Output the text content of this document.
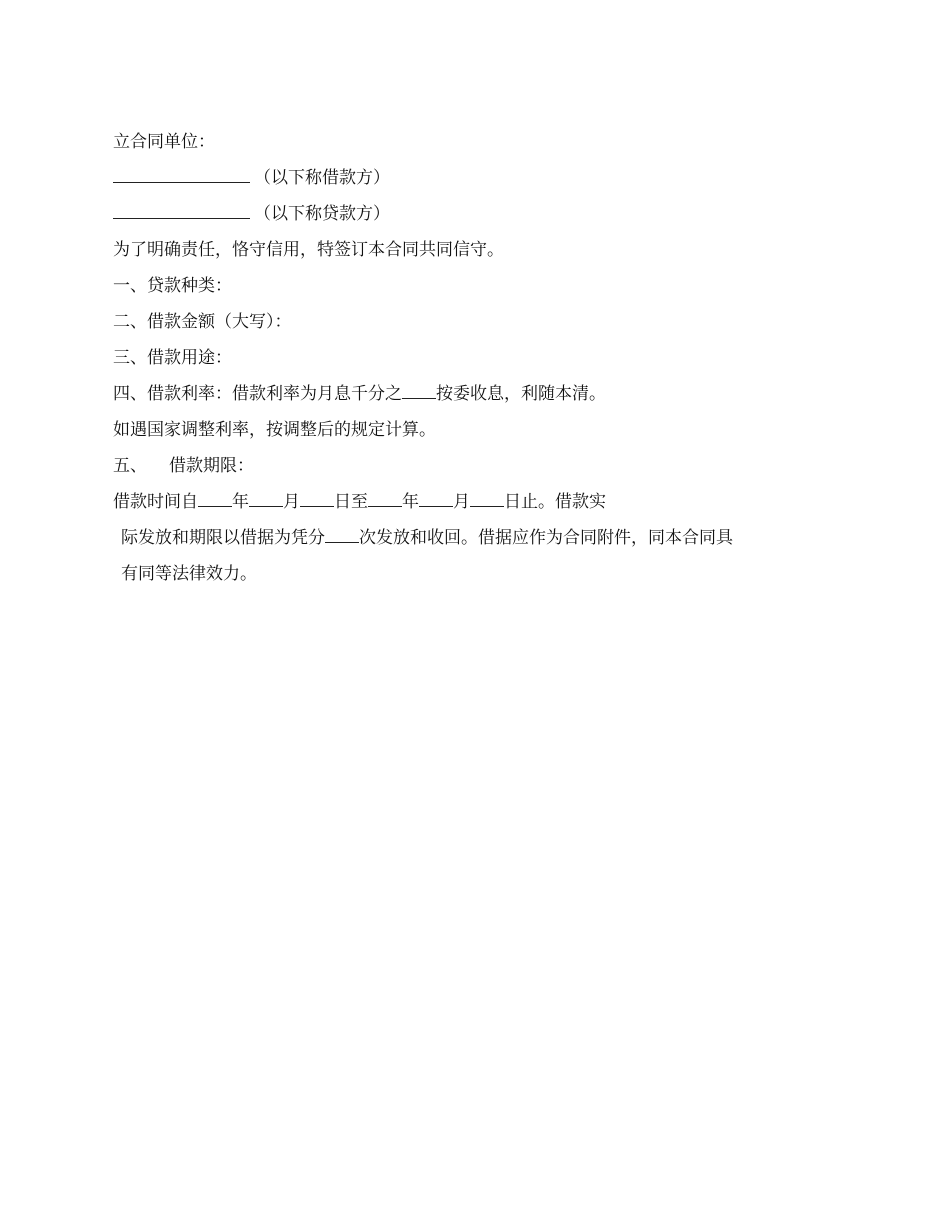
立合同单位：
（以下称借款方）
（以下称贷款方）
为了明确责任，恪守信用，特签订本合同共同信守。
一、贷款种类：
二、借款金额（大写）：
三、借款用途：
四、借款利率：借款利率为月息千分之 按委收息，利随本清。
如遇国家调整利率，按调整后的规定计算。
五、 借款期限：
借款时间自 年 月 日至 年 月 日止。借款实
际发放和期限以借据为凭分 次发放和收回。借据应作为合同附件，同本合同具
有同等法律效力。
